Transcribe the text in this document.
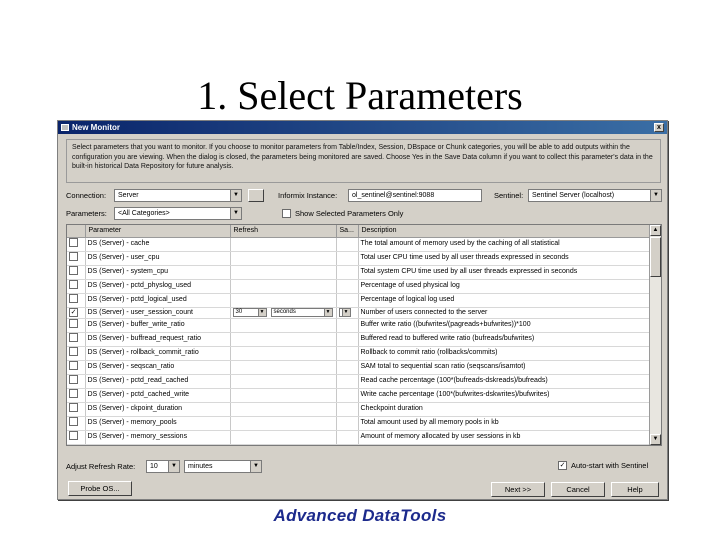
1. Select Parameters
New Monitor	x
Select parameters that you want to monitor. If you choose to monitor parameters from Table/Index, Session, DBspace or Chunk categories, you will be able to add outputs within the configuration you are viewing. When the dialog is closed, the parameters being monitored are saved. Choose Yes in the Save Data column if you want to collect this parameter's data in the built-in historical Data Repository for future analysis.
Connection:	Server	▼	Informix Instance:	ol_sentinel@sentinel:9088	Sentinel:	Sentinel Server (localhost)	▼
Parameters:	<All Categories>	▼	Show Selected Parameters Only
	Parameter	Refresh	Sa...	Description
	DS (Server) - cache			The total amount of memory used by the caching of all statistical
	DS (Server) - user_cpu			Total user CPU time used by all user threads expressed in seconds
	DS (Server) - system_cpu			Total system CPU time used by all user threads expressed in seconds
	DS (Server) - pctd_physlog_used			Percentage of used physical log
	DS (Server) - pctd_logical_used			Percentage of logical log used
✓	DS (Server) - user_session_count	30 ▼ seconds ▼	▼	Number of users connected to the server
	DS (Server) - buffer_write_ratio			Buffer write ratio ((bufwrites/(pagreads+bufwrites))*100
	DS (Server) - buffread_request_ratio			Buffered read to buffered write ratio (bufreads/bufwrites)
	DS (Server) - rollback_commit_ratio			Rollback to commit ratio (rollbacks/commits)
	DS (Server) - seqscan_ratio			SAM total to sequential scan ratio (seqscans/isamtot)
	DS (Server) - pctd_read_cached			Read cache percentage (100*(bufreads-dskreads)/bufreads)
	DS (Server) - pctd_cached_write			Write cache percentage (100*(bufwrites-dskwrites)/bufwrites)
	DS (Server) - ckpoint_duration			Checkpoint duration
	DS (Server) - memory_pools			Total amount used by all memory pools in kb
	DS (Server) - memory_sessions			Amount of memory allocated by user sessions in kb

▲
▼
Adjust Refresh Rate:	10	▼	minutes	▼	✓ Auto-start with Sentinel
Probe OS...	Next >>	Cancel	Help
Advanced DataTools
